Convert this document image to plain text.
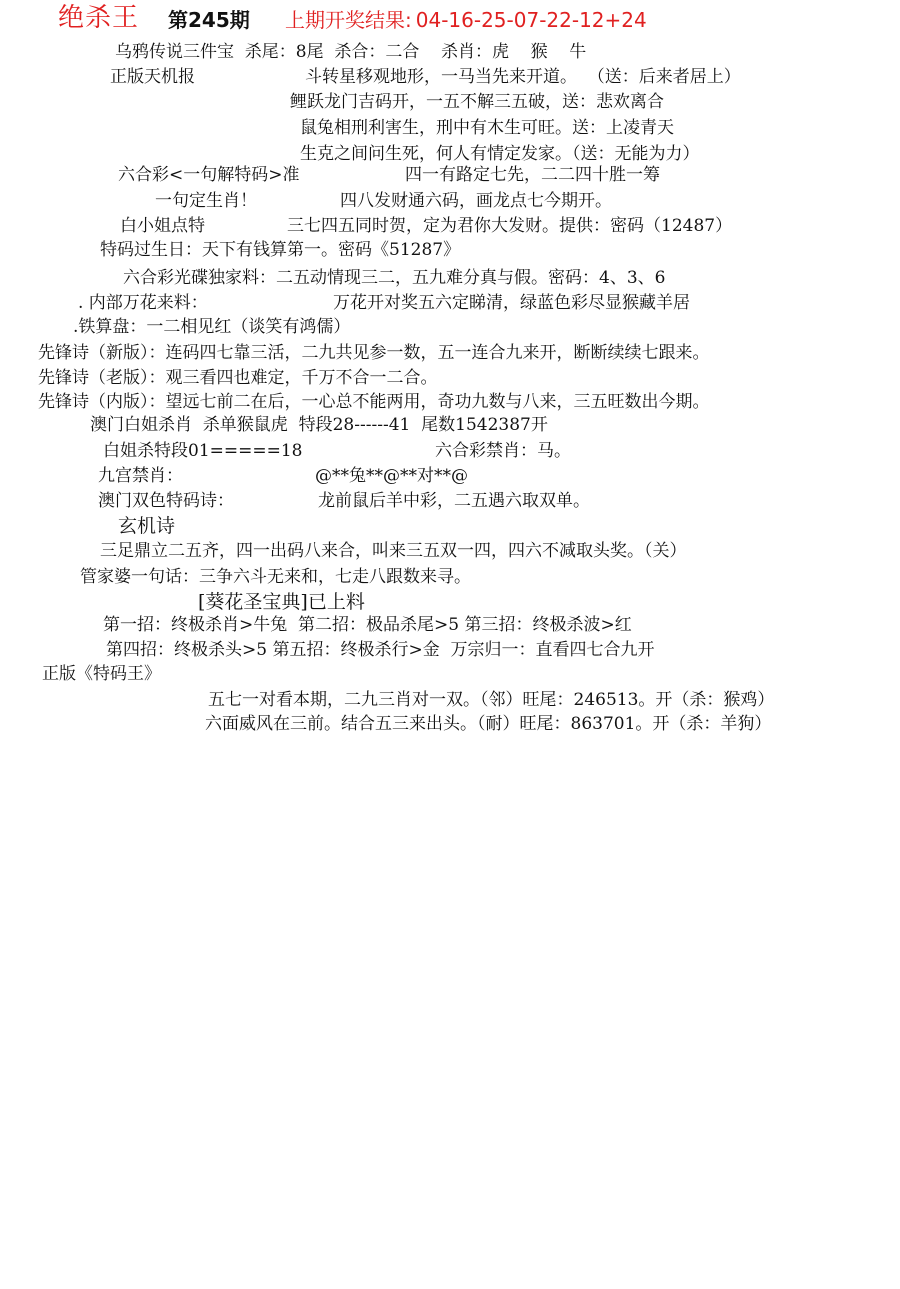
绝杀王 第245期 上期开奖结果: 04-16-25-07-22-12+24
乌鸦传说三件宝  杀尾：8尾  杀合：二合    杀肖：虎    猴    牛
正版天机报	斗转星移观地形，一马当先来开道。  （送：后来者居上）
鲤跃龙门吉码开，一五不解三五破，送：悲欢离合
鼠兔相刑利害生，刑中有木生可旺。送：上凌青天
生克之间问生死，何人有情定发家。（送：无能为力）
六合彩<一句解特码>准	四一有路定七先，二二四十胜一筹
一句定生肖！	四八发财通六码，画龙点七今期开。
白小姐点特	三七四五同时贺，定为君你大发财。提供：密码（12487）
特码过生日：天下有钱算第一。密码《51287》
六合彩光碟独家料：二五动情现三二，五九难分真与假。密码：4、3、6
. 内部万花来料：	万花开对奖五六定睇清，绿蓝色彩尽显猴藏羊居
.铁算盘：一二相见红（谈笑有鸿儒）
先锋诗（新版）：连码四七靠三活，二九共见参一数，五一连合九来开，断断续续七跟来。
先锋诗（老版）：观三看四也难定，千万不合一二合。
先锋诗（内版）：望远七前二在后，一心总不能两用，奇功九数与八来，三五旺数出今期。
澳门白姐杀肖  杀单猴鼠虎  特段28------41  尾数1542387开
白姐杀特段01=====18	六合彩禁肖：马。
九宫禁肖：	@**兔**@**对**@
澳门双色特码诗：	龙前鼠后羊中彩，二五遇六取双单。
玄机诗
三足鼎立二五齐，四一出码八来合，叫来三五双一四，四六不减取头奖。（关）
管家婆一句话：三争六斗无来和，七走八跟数来寻。
[葵花圣宝典]已上料
第一招：终极杀肖>牛兔  第二招：极品杀尾>5 第三招：终极杀波>红
第四招：终极杀头>5 第五招：终极杀行>金  万宗归一：直看四七合九开
正版《特码王》
五七一对看本期，二九三肖对一双。（邻）旺尾：246513。开（杀：猴鸡）
六面威风在三前。结合五三来出头。（耐）旺尾：863701。开（杀：羊狗）
